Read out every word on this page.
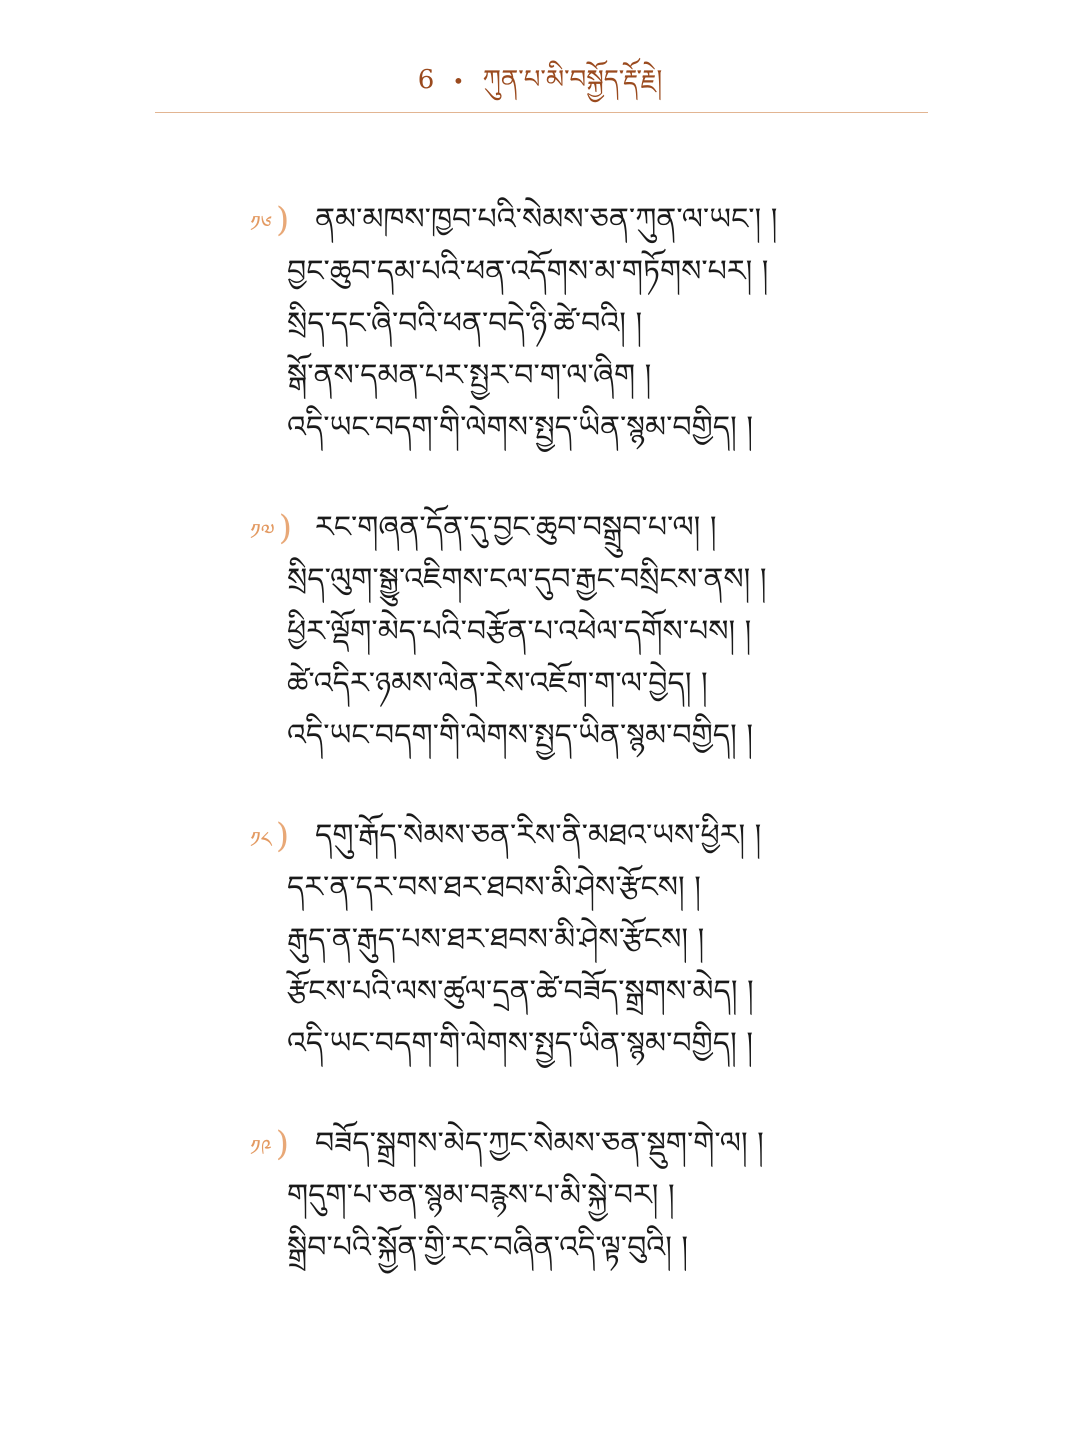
6 • ཀུན་པ་མི་བསྐྱོད་རྡོ་རྗེ།
༡༦ ) ནམ་མཁས་ཁྱབ་པའི་སེམས་ཅན་ཀུན་ལ་ཡང་། །
བྱང་ཆུབ་དམ་པའི་ཕན་འདོགས་མ་གཏོགས་པར། །
སྲིད་དང་ཞི་བའི་ཕན་བདེ་ཉི་ཚེ་བའི། །
སྒོ་ནས་དམན་པར་སྤྱར་བ་ག་ལ་ཞིག །
འདི་ཡང་བདག་གི་ལེགས་སྤྱད་ཡིན་སྙམ་བགྱིད། །
༡༧ ) རང་གཞན་དོན་དུ་བྱང་ཆུབ་བསྒྲུབ་པ་ལ། །
སྲིད་ལུག་སྒྱུ་འཇིགས་ངལ་དུབ་རྒྱང་བསྲིངས་ནས། །
ཕྱིར་ལྡོག་མེད་པའི་བརྩོན་པ་འཕེལ་དགོས་པས། །
ཚེ་འདིར་ཉམས་ལེན་རེས་འཇོག་ག་ལ་བྱེད། །
འདི་ཡང་བདག་གི་ལེགས་སྤྱད་ཡིན་སྙམ་བགྱིད། །
༡༨ ) དགུ་རྒོད་སེམས་ཅན་རིས་ནི་མཐའ་ཡས་ཕྱིར། །
དར་ན་དར་བས་ཐར་ཐབས་མི་ཤེས་རྩོངས། །
རྒུད་ན་རྒུད་པས་ཐར་ཐབས་མི་ཤེས་རྩོངས། །
རྩོངས་པའི་ལས་ཚུལ་དྲན་ཚེ་བཟོད་སྒྲགས་མེད། །
འདི་ཡང་བདག་གི་ལེགས་སྤྱད་ཡིན་སྙམ་བགྱིད། །
༡༩ ) བཟོད་སྒྲགས་མེད་ཀྱང་སེམས་ཅན་སྡུག་གེ་ལ། །
གདུག་པ་ཅན་སྙམ་བརྙས་པ་མི་སྐྱེ་བར། །
སྒྲིབ་པའི་སྐྱོན་གྱི་རང་བཞིན་འདི་ལྟ་བུའི། །
